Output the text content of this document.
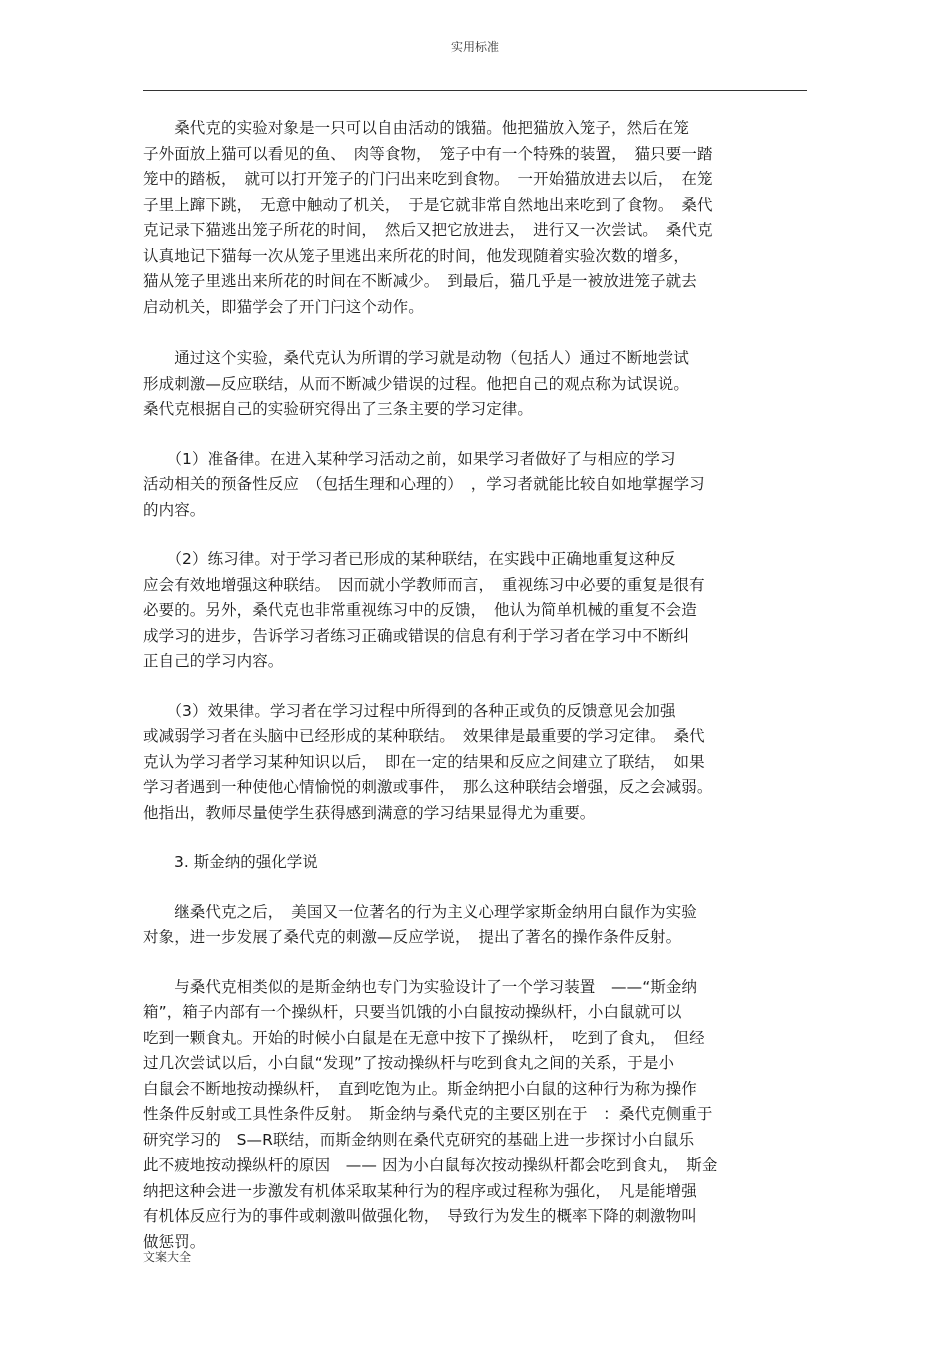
实用标准

　　桑代克的实验对象是一只可以自由活动的饿猫。他把猫放入笼子，然后在笼
子外面放上猫可以看见的鱼、　肉等食物，　笼子中有一个特殊的装置，　猫只要一踏
笼中的踏板，　就可以打开笼子的门闩出来吃到食物。　一开始猫放进去以后，　在笼
子里上蹿下跳，　无意中触动了机关，　于是它就非常自然地出来吃到了食物。　桑代
克记录下猫逃出笼子所花的时间，　然后又把它放进去，　进行又一次尝试。　桑代克
认真地记下猫每一次从笼子里逃出来所花的时间，他发现随着实验次数的增多，
猫从笼子里逃出来所花的时间在不断减少。　到最后，猫几乎是一被放进笼子就去
启动机关，即猫学会了开门闩这个动作。

　　通过这个实验，桑代克认为所谓的学习就是动物（包括人）通过不断地尝试
形成刺激—反应联结，从而不断减少错误的过程。他把自己的观点称为试误说。
桑代克根据自己的实验研究得出了三条主要的学习定律。

　　（1）准备律。在进入某种学习活动之前，如果学习者做好了与相应的学习
活动相关的预备性反应　（包括生理和心理的）　，学习者就能比较自如地掌握学习
的内容。

　　（2）练习律。对于学习者已形成的某种联结，在实践中正确地重复这种反
应会有效地增强这种联结。　因而就小学教师而言，　重视练习中必要的重复是很有
必要的。另外，桑代克也非常重视练习中的反馈，　他认为简单机械的重复不会造
成学习的进步，告诉学习者练习正确或错误的信息有利于学习者在学习中不断纠
正自己的学习内容。

　　（3）效果律。学习者在学习过程中所得到的各种正或负的反馈意见会加强
或减弱学习者在头脑中已经形成的某种联结。　效果律是最重要的学习定律。　桑代
克认为学习者学习某种知识以后，　即在一定的结果和反应之间建立了联结，　如果
学习者遇到一种使他心情愉悦的刺激或事件，　那么这种联结会增强，反之会减弱。
他指出，教师尽量使学生获得感到满意的学习结果显得尤为重要。

　　3. 斯金纳的强化学说

　　继桑代克之后，　美国又一位著名的行为主义心理学家斯金纳用白鼠作为实验
对象，进一步发展了桑代克的刺激—反应学说，　提出了著名的操作条件反射。

　　与桑代克相类似的是斯金纳也专门为实验设计了一个学习装置　——“斯金纳
箱”，箱子内部有一个操纵杆，只要当饥饿的小白鼠按动操纵杆，小白鼠就可以
吃到一颗食丸。开始的时候小白鼠是在无意中按下了操纵杆，　吃到了食丸，　但经
过几次尝试以后，小白鼠“发现”了按动操纵杆与吃到食丸之间的关系，于是小
白鼠会不断地按动操纵杆，　直到吃饱为止。斯金纳把小白鼠的这种行为称为操作
性条件反射或工具性条件反射。　斯金纳与桑代克的主要区别在于　：桑代克侧重于
研究学习的　S—R联结，而斯金纳则在桑代克研究的基础上进一步探讨小白鼠乐
此不疲地按动操纵杆的原因　—— 因为小白鼠每次按动操纵杆都会吃到食丸，　斯金
纳把这种会进一步激发有机体采取某种行为的程序或过程称为强化，　凡是能增强
有机体反应行为的事件或刺激叫做强化物，　导致行为发生的概率下降的刺激物叫
做惩罚。

文案大全
